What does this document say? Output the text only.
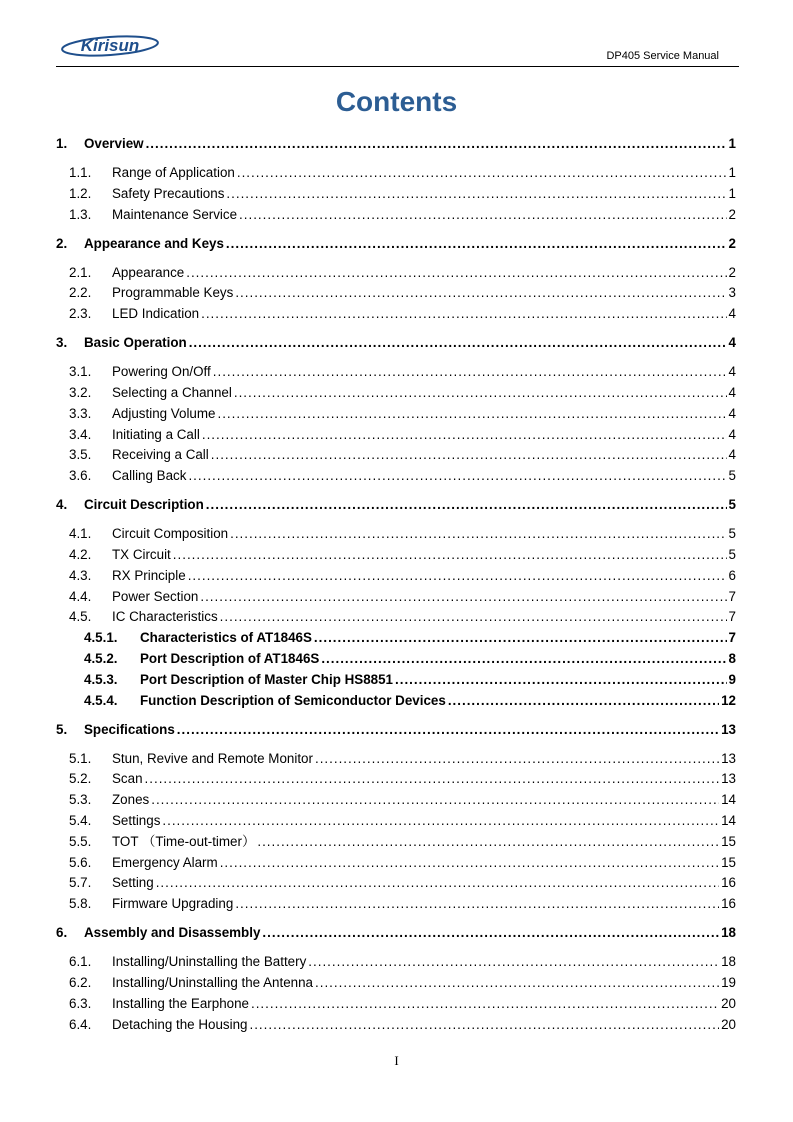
Kirisun
DP405 Service Manual
Contents
1.	Overview .....	1
1.1.	Range of Application .....	1
1.2.	Safety Precautions .....	1
1.3.	Maintenance Service .....	2
2.	Appearance and Keys .....	2
2.1.	Appearance .....	2
2.2.	Programmable Keys .....	3
2.3.	LED Indication .....	4
3.	Basic Operation .....	4
3.1.	Powering On/Off .....	4
3.2.	Selecting a Channel .....	4
3.3.	Adjusting Volume .....	4
3.4.	Initiating a Call .....	4
3.5.	Receiving a Call .....	4
3.6.	Calling Back .....	5
4.	Circuit Description .....	5
4.1.	Circuit Composition .....	5
4.2.	TX Circuit .....	5
4.3.	RX Principle .....	6
4.4.	Power Section .....	7
4.5.	IC Characteristics .....	7
4.5.1.	Characteristics of AT1846S .....	7
4.5.2.	Port Description of AT1846S .....	8
4.5.3.	Port Description of Master Chip HS8851 .....	9
4.5.4.	Function Description of Semiconductor Devices .....	12
5.	Specifications .....	13
5.1.	Stun, Revive and Remote Monitor .....	13
5.2.	Scan .....	13
5.3.	Zones .....	14
5.4.	Settings .....	14
5.5.	TOT （Time-out-timer） .....	15
5.6.	Emergency Alarm .....	15
5.7.	Setting .....	16
5.8.	Firmware Upgrading .....	16
6.	Assembly and Disassembly .....	18
6.1.	Installing/Uninstalling the Battery .....	18
6.2.	Installing/Uninstalling the Antenna .....	19
6.3.	Installing the Earphone .....	20
6.4.	Detaching the Housing .....	20
I
